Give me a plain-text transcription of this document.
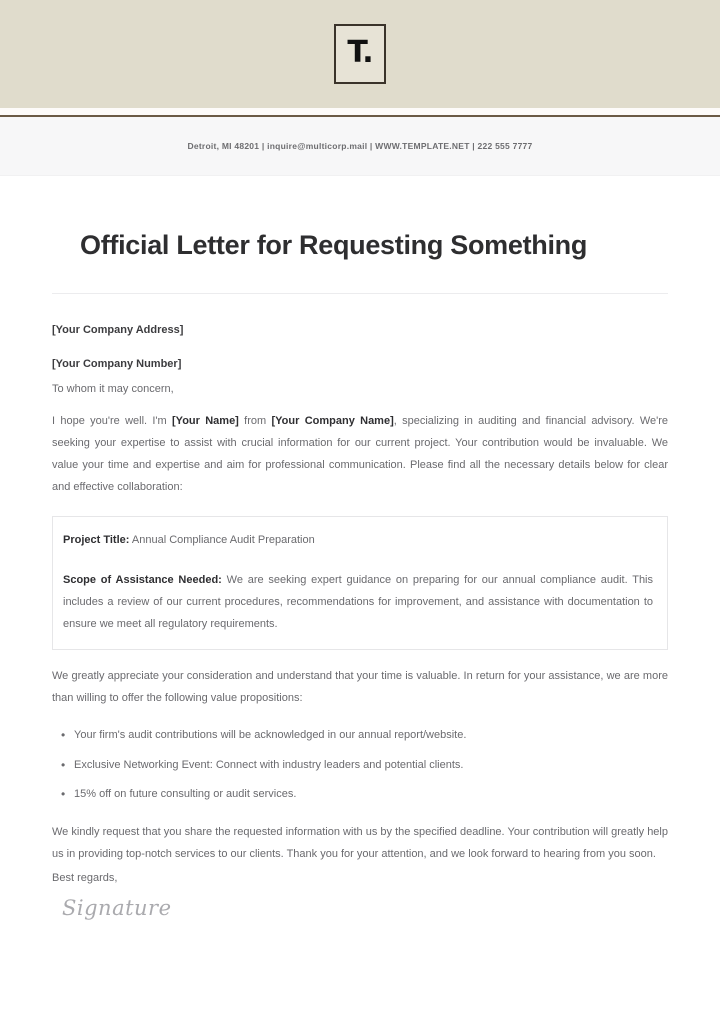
T.
Detroit, MI 48201 | inquire@multicorp.mail | WWW.TEMPLATE.NET | 222 555 7777
Official Letter for Requesting Something

[Your Company Address]

[Your Company Number]

To whom it may concern,

I hope you're well. I'm [Your Name] from [Your Company Name], specializing in auditing and financial advisory. We're seeking your expertise to assist with crucial information for our current project. Your contribution would be invaluable. We value your time and expertise and aim for professional communication. Please find all the necessary details below for clear and effective collaboration:

Project Title: Annual Compliance Audit Preparation

Scope of Assistance Needed: We are seeking expert guidance on preparing for our annual compliance audit. This includes a review of our current procedures, recommendations for improvement, and assistance with documentation to ensure we meet all regulatory requirements.

We greatly appreciate your consideration and understand that your time is valuable. In return for your assistance, we are more than willing to offer the following value propositions:

• Your firm's audit contributions will be acknowledged in our annual report/website.
• Exclusive Networking Event: Connect with industry leaders and potential clients.
• 15% off on future consulting or audit services.

We kindly request that you share the requested information with us by the specified deadline. Your contribution will greatly help us in providing top-notch services to our clients. Thank you for your attention, and we look forward to hearing from you soon.

Best regards,

Signature
